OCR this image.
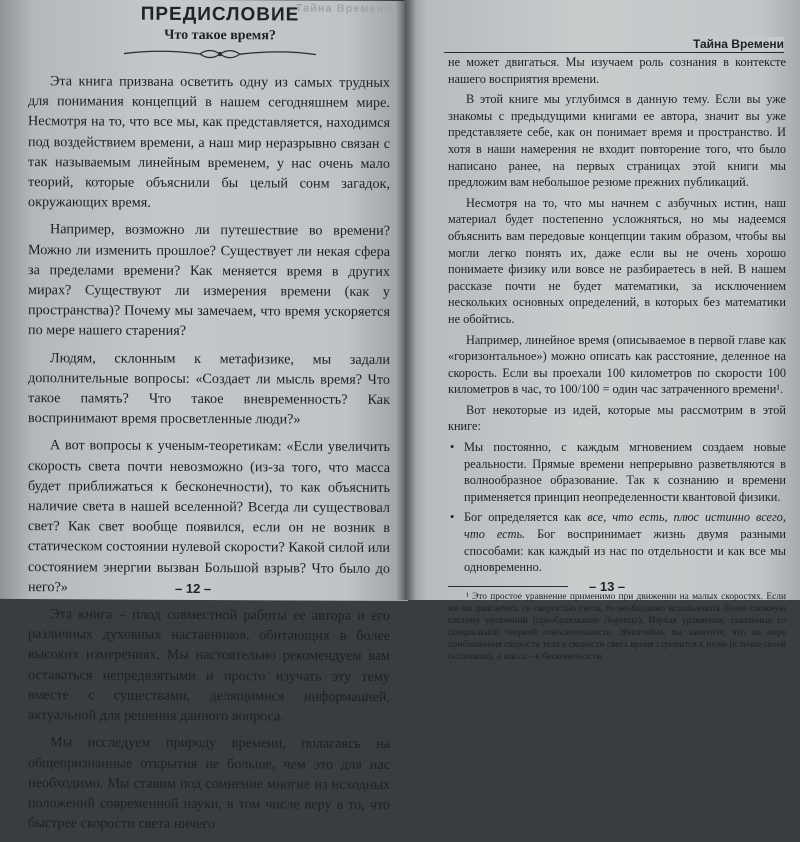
Тайна Времени
ПРЕДИСЛОВИЕ
Что такое время?

Эта книга призвана осветить одну из самых трудных для понимания концепций в нашем сегодняшнем мире. Несмотря на то, что все мы, как представляется, находимся под воздействием времени, а наш мир неразрывно связан с так называемым линейным временем, у нас очень мало теорий, которые объяснили бы целый сонм загадок, окружающих время.

Например, возможно ли путешествие во времени? Можно ли изменить прошлое? Существует ли некая сфера за пределами времени? Как меняется время в других мирах? Существуют ли измерения времени (как у пространства)? Почему мы замечаем, что время ускоряется по мере нашего старения?

Людям, склонным к метафизике, мы задали дополнительные вопросы: «Создает ли мысль время? Что такое память? Что такое вневременность? Как воспринимают время просветленные люди?»

А вот вопросы к ученым-теоретикам: «Если увеличить скорость света почти невозможно (из-за того, что масса будет приближаться к бесконечности), то как объяснить наличие света в нашей вселенной? Всегда ли существовал свет? Как свет вообще появился, если он не возник в статическом состоянии нулевой скорости? Какой силой или состоянием энергии вызван Большой взрыв? Что было до него?»

Эта книга – плод совместной работы ее автора и его различных духовных наставников, обитающих в более высоких измерениях. Мы настоятельно рекомендуем вам оставаться непредвзятыми и просто изучать эту тему вместе с существами, делящимися информацией, актуальной для решения данного вопроса.

Мы исследуем природу времени, полагаясь на общепризнанные открытия не больше, чем это для нас необходимо. Мы ставим под сомнение многие из исходных положений современной науки, в том числе веру в то, что быстрее скорости света ничего

– 12 –
Тайна Времени

не может двигаться. Мы изучаем роль сознания в контексте нашего восприятия времени.

В этой книге мы углубимся в данную тему. Если вы уже знакомы с предыдущими книгами ее автора, значит вы уже представляете себе, как он понимает время и пространство. И хотя в наши намерения не входит повторение того, что было написано ранее, на первых страницах этой книги мы предложим вам небольшое резюме прежних публикаций.

Несмотря на то, что мы начнем с азбучных истин, наш материал будет постепенно усложняться, но мы надеемся объяснить вам передовые концепции таким образом, чтобы вы могли легко понять их, даже если вы не очень хорошо понимаете физику или вовсе не разбираетесь в ней. В нашем рассказе почти не будет математики, за исключением нескольких основных определений, в которых без математики не обойтись.

Например, линейное время (описываемое в первой главе как «горизонтальное») можно описать как расстояние, деленное на скорость. Если вы проехали 100 километров по скорости 100 километров в час, то 100/100 = один час затраченного времени¹.

Вот некоторые из идей, которые мы рассмотрим в этой книге:

• Мы постоянно, с каждым мгновением создаем новые реальности. Прямые времени непрерывно разветвляются в волнообразное образование. Так к сознанию и времени применяется принцип неопределенности квантовой физики.
• Бог определяется как все, что есть, плюс истинно всего, что есть. Бог воспринимает жизнь двумя разными способами: как каждый из нас по отдельности и как все мы одновременно.

¹ Это простое уравнение применимо при движении на малых скоростях. Если же вы двигаетесь со скоростью света, то необходимо использовать более сложную систему уравнений (преобразование Лоренца). Изучая уравнения, связанные со специальной теорией относительности Эйнштейна, вы заметите, что по мере приближения скорости тела к скорости света время стремится к нулю (к точке своей остановки), а масса – к бесконечности.

– 13 –
